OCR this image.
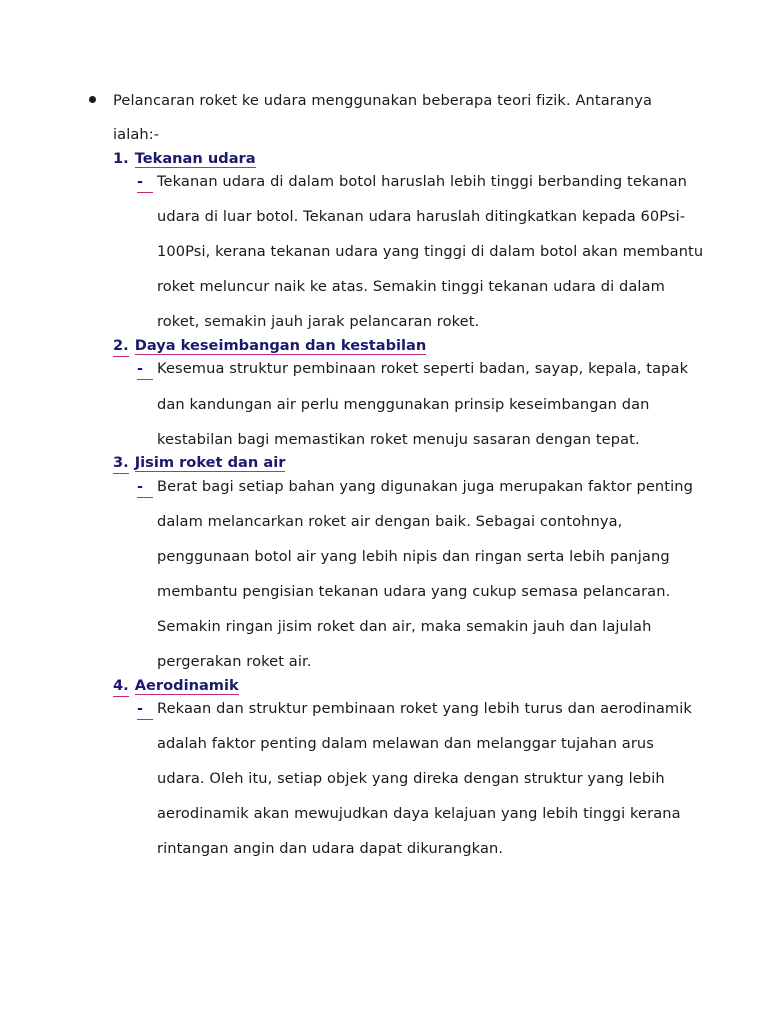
Pelancaran roket ke udara menggunakan beberapa teori fizik. Antaranya
ialah:-
1. Tekanan udara
- Tekanan udara di dalam botol haruslah lebih tinggi berbanding tekanan
udara di luar botol. Tekanan udara haruslah ditingkatkan kepada 60Psi-
100Psi, kerana tekanan udara yang tinggi di dalam botol akan membantu
roket meluncur naik ke atas. Semakin tinggi tekanan udara di dalam
roket, semakin jauh jarak pelancaran roket.
2. Daya keseimbangan dan kestabilan
- Kesemua struktur pembinaan roket seperti badan, sayap, kepala, tapak
dan kandungan air perlu menggunakan prinsip keseimbangan dan
kestabilan bagi memastikan roket menuju sasaran dengan tepat.
3. Jisim roket dan air
- Berat bagi setiap bahan yang digunakan juga merupakan faktor penting
dalam melancarkan roket air dengan baik. Sebagai contohnya,
penggunaan botol air yang lebih nipis dan ringan serta lebih panjang
membantu pengisian tekanan udara yang cukup semasa pelancaran.
Semakin ringan jisim roket dan air, maka semakin jauh dan lajulah
pergerakan roket air.
4. Aerodinamik
- Rekaan dan struktur pembinaan roket yang lebih turus dan aerodinamik
adalah faktor penting dalam melawan dan melanggar tujahan arus
udara. Oleh itu, setiap objek yang direka dengan struktur yang lebih
aerodinamik akan mewujudkan daya kelajuan yang lebih tinggi kerana
rintangan angin dan udara dapat dikurangkan.
